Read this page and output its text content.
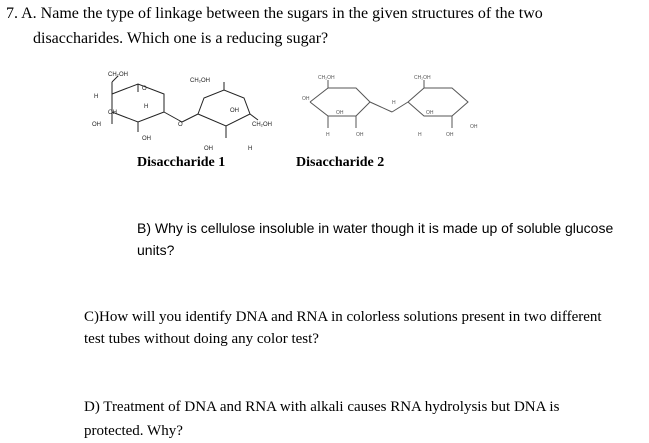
7. A. Name the type of linkage between the sugars in the given structures of the two
disaccharides. Which one is a reducing sugar?
CH₂OH
CH₂OH
O
H
OH
H
OH
OH
O
OH
CH₂OH
OH	H
CH₂OH	CH₂OH
OH
OH
H
OH
H
OH
OH
OH
H
Disaccharide 1	Disaccharide 2
B) Why is cellulose insoluble in water though it is made up of soluble glucose
units?
C)How will you identify DNA and RNA in colorless solutions present in two different
test tubes without doing any color test?
D) Treatment of DNA and RNA with alkali causes RNA hydrolysis but DNA is
protected. Why?
